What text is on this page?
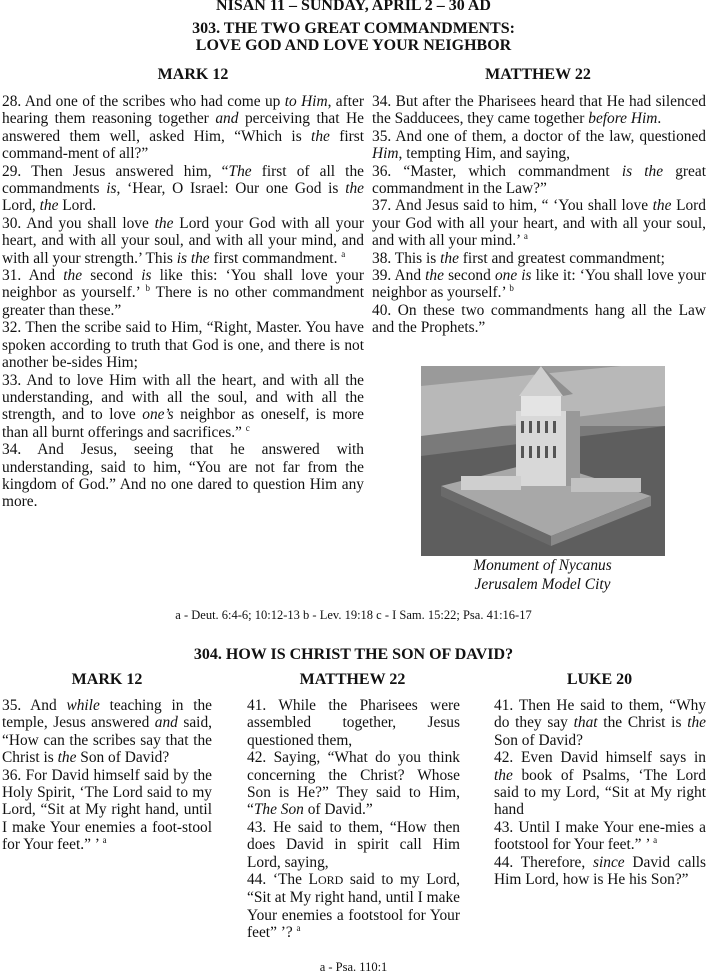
NISAN 11 – SUNDAY, APRIL 2 – 30 AD
303. THE TWO GREAT COMMANDMENTS:
LOVE GOD AND LOVE YOUR NEIGHBOR
MARK 12	MATTHEW 22

28. And one of the scribes who had come up to Him, after hearing them reasoning together and perceiving that He answered them well, asked Him, “Which is the first command-ment of all?”

29. Then Jesus answered him, “The first of all the commandments is, ‘Hear, O Israel: Our one God is the Lord, the Lord.

30. And you shall love the Lord your God with all your heart, and with all your soul, and with all your mind, and with all your strength.’ This is the first commandment. $^a$

31. And the second is like this: ‘You shall love your neighbor as yourself.’ $^b$ There is no other commandment greater than these.”

32. Then the scribe said to Him, “Right, Master. You have spoken according to truth that God is one, and there is not another be-sides Him;

33. And to love Him with all the heart, and with all the understanding, and with all the soul, and with all the strength, and to love one’s neighbor as oneself, is more than all burnt offerings and sacrifices.” $^c$

34. And Jesus, seeing that he answered with understanding, said to him, “You are not far from the kingdom of God.” And no one dared to question Him any more.

34. But after the Pharisees heard that He had silenced the Sadducees, they came together before Him.

35. And one of them, a doctor of the law, questioned Him, tempting Him, and saying,

36. “Master, which commandment is the great commandment in the Law?”

37. And Jesus said to him, “ ‘You shall love the Lord your God with all your heart, and with all your soul, and with all your mind.’ $^a$

38. This is the first and greatest commandment;

39. And the second one is like it: ‘You shall love your neighbor as yourself.’ $^b$

40. On these two commandments hang all the Law and the Prophets.”

Monument of Nycanus
Jerusalem Model City
a - Deut. 6:4-6; 10:12-13 b - Lev. 19:18 c - I Sam. 15:22; Psa. 41:16-17
304. HOW IS CHRIST THE SON OF DAVID?
MARK 12	MATTHEW 22	LUKE 20

35. And while teaching in the temple, Jesus answered and said, “How can the scribes say that the Christ is the Son of David?

36. For David himself said by the Holy Spirit, ‘The Lord said to my Lord, “Sit at My right hand, until I make Your enemies a foot-stool for Your feet.” ’ $^a$

41. While the Pharisees were assembled together, Jesus questioned them,

42. Saying, “What do you think concerning the Christ? Whose Son is He?” They said to Him, “The Son of David.”

43. He said to them, “How then does David in spirit call Him Lord, saying,

44. ‘The LORD said to my Lord, “Sit at My right hand, until I make Your enemies a footstool for Your feet” ’? $^a$

41. Then He said to them, “Why do they say that the Christ is the Son of David?

42. Even David himself says in the book of Psalms, ‘The Lord said to my Lord, “Sit at My right hand

43. Until I make Your ene-mies a footstool for Your feet.” ’ $^a$

44. Therefore, since David calls Him Lord, how is He his Son?”

a - Psa. 110:1
